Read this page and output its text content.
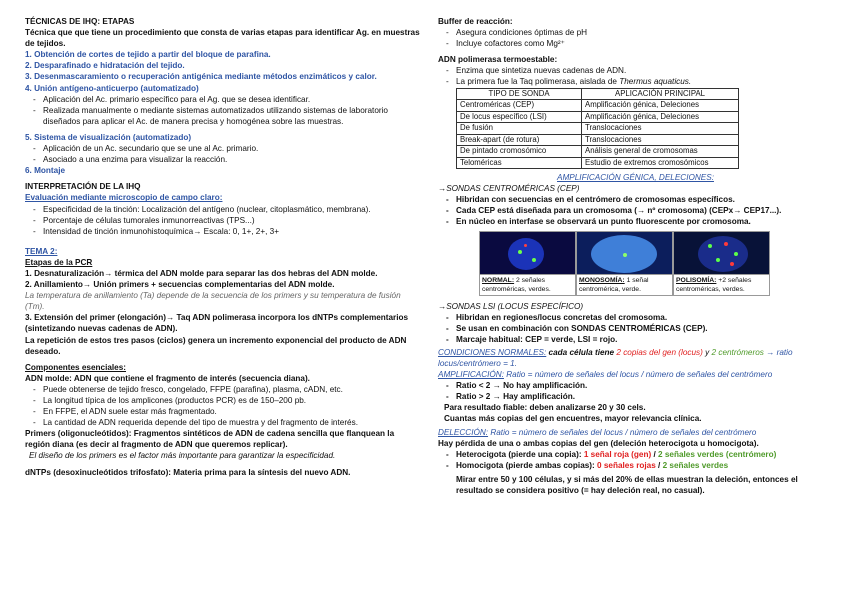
TÉCNICAS DE IHQ: ETAPAS

Técnica que que tiene un procedimiento que consta de varias etapas para identificar Ag. en muestras de tejidos.

1. Obtención de cortes de tejido a partir del bloque de parafina.

2. Desparafinado e hidratación del tejido.

3. Desenmascaramiento o recuperación antigénica mediante métodos enzimáticos y calor.

4. Unión antígeno-anticuerpo (automatizado)

- Aplicación del Ac. primario específico para el Ag. que se desea identificar.
- Realizada manualmente o mediante sistemas automatizados utilizando sistemas de laboratorio diseñados para aplicar el Ac. de manera precisa y homogénea sobre las muestras.

5. Sistema de visualización (automatizado)

- Aplicación de un Ac. secundario que se une al Ac. primario.
- Asociado a una enzima para visualizar la reacción.

6. Montaje

INTERPRETACIÓN DE LA IHQ

Evaluación mediante microscopio de campo claro:

- Especificidad de la tinción: Localización del antígeno (nuclear, citoplasmático, membrana).
- Porcentaje de células tumorales inmunorreactivas (TPS...)
- Intensidad de tinción inmunohistoquímica→ Escala: 0, 1+, 2+, 3+

TEMA 2:

Etapas de la PCR

1. Desnaturalización→ térmica del ADN molde para separar las dos hebras del ADN molde.

2. Anillamiento→ Unión primers + secuencias complementarias del ADN molde.

La temperatura de anillamiento (Ta) depende de la secuencia de los primers y su temperatura de fusión (Tm).

3. Extensión del primer (elongación)→ Taq ADN polimerasa incorpora los dNTPs complementarios (sintetizando nuevas cadenas de ADN).

La repetición de estos tres pasos (ciclos) genera un incremento exponencial del producto de ADN deseado.

Componentes esenciales:

ADN molde: ADN que contiene el fragmento de interés (secuencia diana).

- Puede obtenerse de tejido fresco, congelado, FFPE (parafina), plasma, cADN, etc.
- La longitud típica de los amplicones (productos PCR) es de 150–200 pb.
- En FFPE, el ADN suele estar más fragmentado.
- La cantidad de ADN requerida depende del tipo de muestra y del fragmento de interés.

Primers (oligonucleótidos): Fragmentos sintéticos de ADN de cadena sencilla que flanquean la región diana (es decir al fragmento de ADN que queremos replicar).

El diseño de los primers es el factor más importante para garantizar la especificidad.

dNTPs (desoxinucleótidos trifosfato): Materia prima para la síntesis del nuevo ADN.

Buffer de reacción:

- Asegura condiciones óptimas de pH
- Incluye cofactores como Mg²⁺

ADN polimerasa termoestable:

- Enzima que sintetiza nuevas cadenas de ADN.
- La primera fue la Taq polimerasa, aislada de Thermus aquaticus.
TIPO DE SONDA	APLICACIÓN PRINCIPAL
Centroméricas (CEP)	Amplificación génica, Deleciones
De locus específico (LSI)	Amplificación génica, Deleciones
De fusión	Translocaciones
Break-apart (de rotura)	Translocaciones
De pintado cromosómico	Análisis general de cromosomas
Teloméricas	Estudio de extremos cromosómicos

AMPLIFICACIÓN GÉNICA, DELECIONES:

→SONDAS CENTROMÉRICAS (CEP)

- Hibridan con secuencias en el centrómero de cromosomas específicos.
- Cada CEP está diseñada para un cromosoma (→ nº cromosoma) (CEPx→ CEP17...).
- En núcleo en interfase se observará un punto fluorescente por cromosoma.
NORMAL: 2 señales centroméricas, verdes.
MONOSOMÍA: 1 señal centromérica, verde.
POLISOMÍA: +2 señales centroméricas, verdes.

→SONDAS LSI (LOCUS ESPECÍFICO)

- Hibridan en regiones/locus concretas del cromosoma.
- Se usan en combinación con SONDAS CENTROMÉRICAS (CEP).
- Marcaje habitual: CEP = verde, LSI = rojo.

CONDICIONES NORMALES: cada célula tiene 2 copias del gen (locus) y 2 centrómeros → ratio locus/centrómero = 1.

AMPLIFICACIÓN: Ratio = número de señales del locus / número de señales del centrómero

- Ratio < 2 → No hay amplificación.
- Ratio > 2 → Hay amplificación.

Para resultado fiable: deben analizarse 20 y 30 cels.

Cuantas más copias del gen encuentres, mayor relevancia clínica.

DELECCIÓN: Ratio = número de señales del locus / número de señales del centrómero

Hay pérdida de una o ambas copias del gen (deleción heterocigota u homocigota).

- Heterocigota (pierde una copia): 1 señal roja (gen) / 2 señales verdes (centrómero)
- Homocigota (pierde ambas copias): 0 señales rojas / 2 señales verdes

Mirar entre 50 y 100 células, y si más del 20% de ellas muestran la deleción, entonces el resultado se considera positivo (= hay deleción real, no casual).
